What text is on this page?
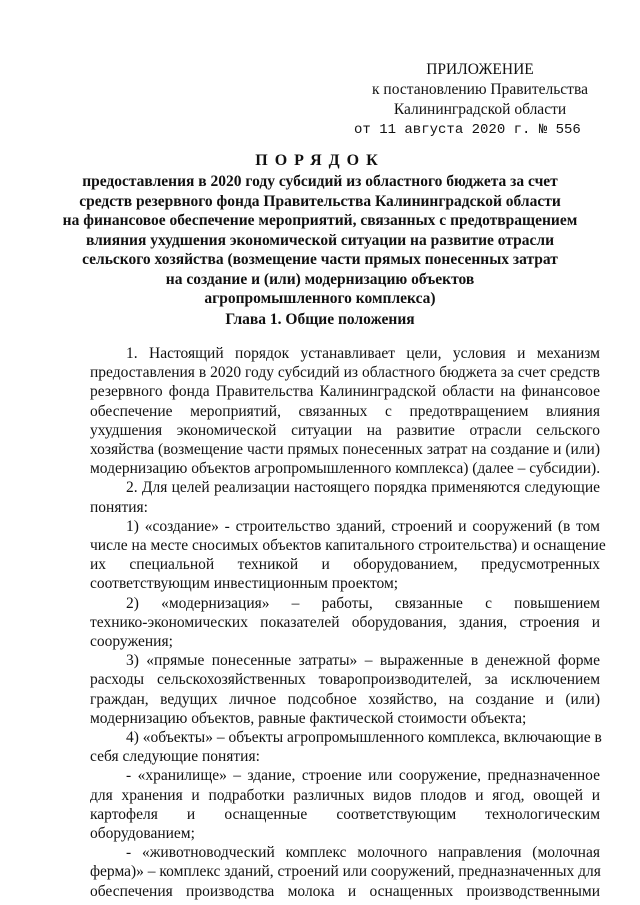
ПРИЛОЖЕНИЕ
к постановлению Правительства
Калининградской области
от 11 августа 2020 г. № 556
ПОРЯДОК
предоставления в 2020 году субсидий из областного бюджета за счет
средств резервного фонда Правительства Калининградской области
на финансовое обеспечение мероприятий, связанных с предотвращением
влияния ухудшения экономической ситуации на развитие отрасли
сельского хозяйства (возмещение части прямых понесенных затрат
на создание и (или) модернизацию объектов
агропромышленного комплекса)
Глава 1. Общие положения
1. Настоящий порядок устанавливает цели, условия и механизм
предоставления в 2020 году субсидий из областного бюджета за счет средств
резервного фонда Правительства Калининградской области на финансовое
обеспечение мероприятий, связанных с предотвращением влияния
ухудшения экономической ситуации на развитие отрасли сельского
хозяйства (возмещение части прямых понесенных затрат на создание и (или)
модернизацию объектов агропромышленного комплекса) (далее – субсидии).
2. Для целей реализации настоящего порядка применяются следующие
понятия:
1) «создание» - строительство зданий, строений и сооружений (в том
числе на месте сносимых объектов капитального строительства) и оснащение
их специальной техникой и оборудованием, предусмотренных
соответствующим инвестиционным проектом;
2) «модернизация» – работы, связанные с повышением
технико-экономических показателей оборудования, здания, строения и
сооружения;
3) «прямые понесенные затраты» – выраженные в денежной форме
расходы сельскохозяйственных товаропроизводителей, за исключением
граждан, ведущих личное подсобное хозяйство, на создание и (или)
модернизацию объектов, равные фактической стоимости объекта;
4) «объекты» – объекты агропромышленного комплекса, включающие в
себя следующие понятия:
- «хранилище» – здание, строение или сооружение, предназначенное
для хранения и подработки различных видов плодов и ягод, овощей и
картофеля и оснащенные соответствующим технологическим
оборудованием;
- «животноводческий комплекс молочного направления (молочная
ферма)» – комплекс зданий, строений или сооружений, предназначенных для
обеспечения производства молока и оснащенных производственными
